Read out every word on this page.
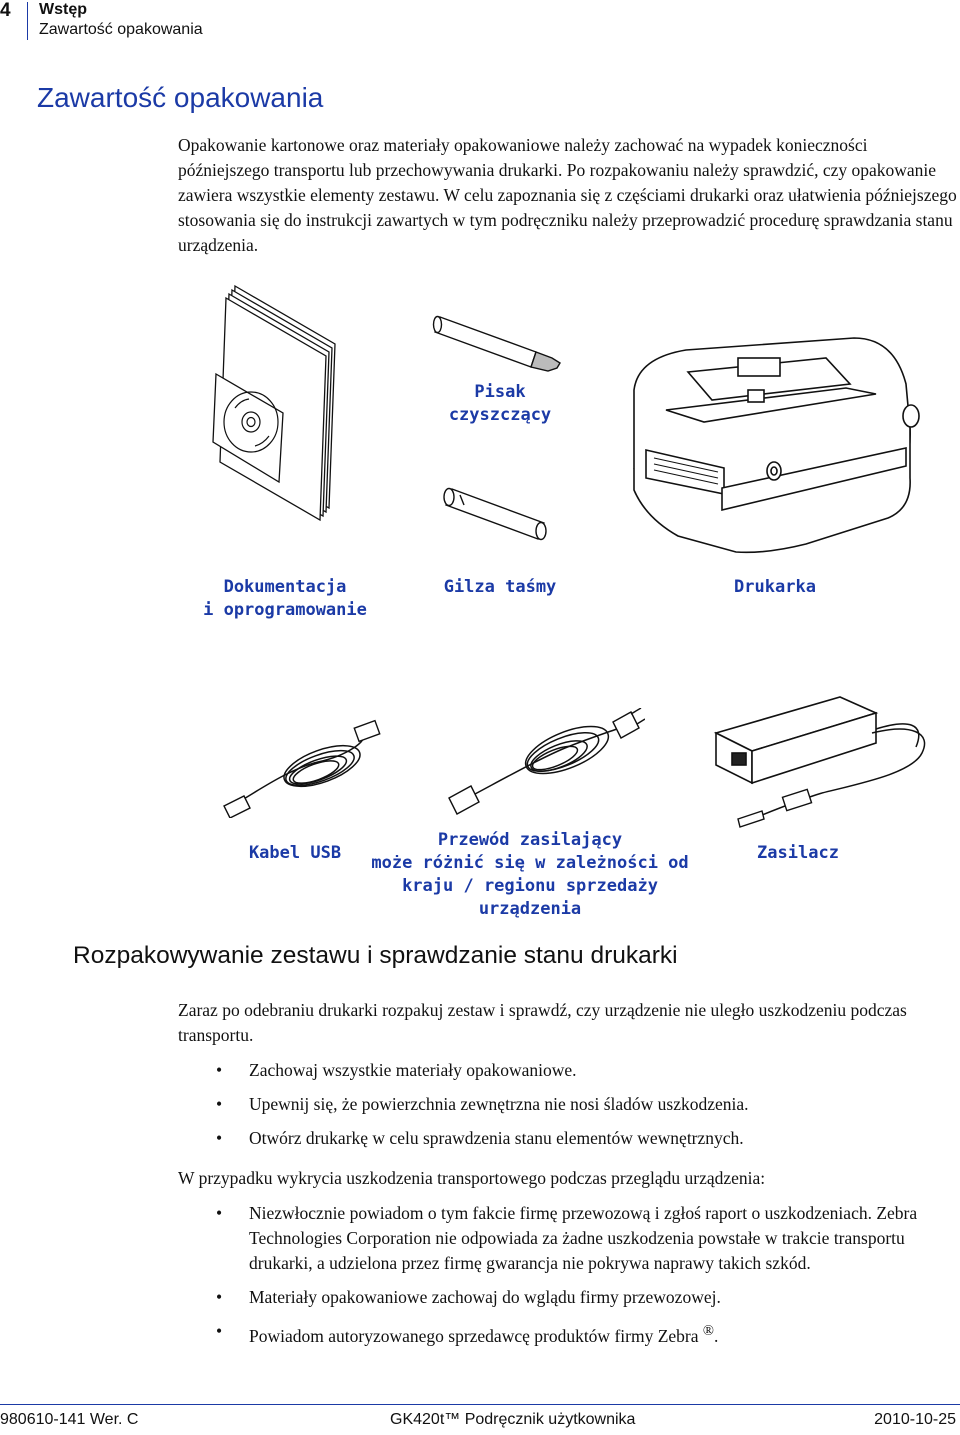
4 Wstęp
Zawartość opakowania
Zawartość opakowania
Opakowanie kartonowe oraz materiały opakowaniowe należy zachować na wypadek konieczności późniejszego transportu lub przechowywania drukarki. Po rozpakowaniu należy sprawdzić, czy opakowanie zawiera wszystkie elementy zestawu. W celu zapoznania się z częściami drukarki oraz ułatwienia późniejszego stosowania się do instrukcji zawartych w tym podręczniku należy przeprowadzić procedurę sprawdzania stanu urządzenia.
Pisak
czyszczący
Dokumentacja
i oprogramowanie
Gilza taśmy	Drukarka
Kabel USB
Przewód zasilający
może różnić się w zależności od
kraju / regionu sprzedaży
urządzenia
Zasilacz
Rozpakowywanie zestawu i sprawdzanie stanu drukarki
Zaraz po odebraniu drukarki rozpakuj zestaw i sprawdź, czy urządzenie nie uległo uszkodzeniu podczas transportu.
• Zachowaj wszystkie materiały opakowaniowe.
• Upewnij się, że powierzchnia zewnętrzna nie nosi śladów uszkodzenia.
• Otwórz drukarkę w celu sprawdzenia stanu elementów wewnętrznych.
W przypadku wykrycia uszkodzenia transportowego podczas przeglądu urządzenia:
• Niezwłocznie powiadom o tym fakcie firmę przewozową i zgłoś raport o uszkodzeniach. Zebra Technologies Corporation nie odpowiada za żadne uszkodzenia powstałe w trakcie transportu drukarki, a udzielona przez firmę gwarancja nie pokrywa naprawy takich szkód.
• Materiały opakowaniowe zachowaj do wglądu firmy przewozowej.
• Powiadom autoryzowanego sprzedawcę produktów firmy Zebra ®.
980610-141 Wer. C	GK420t™ Podręcznik użytkownika	2010-10-25
